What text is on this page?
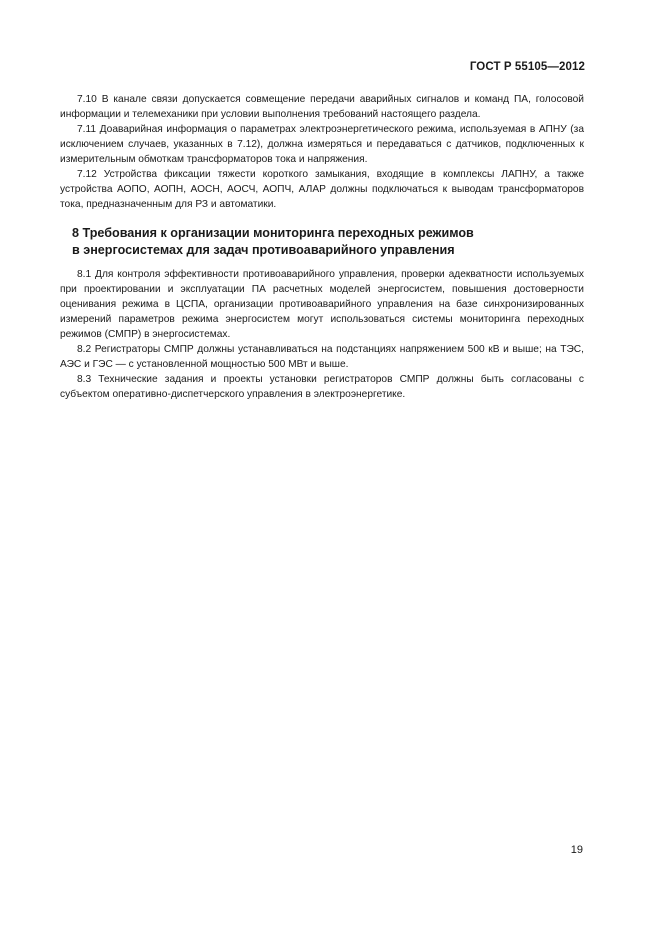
ГОСТ Р 55105—2012

7.10 В канале связи допускается совмещение передачи аварийных сигналов и команд ПА, голосовой информации и телемеханики при условии выполнения требований настоящего раздела.

7.11 Доаварийная информация о параметрах электроэнергетического режима, используемая в АПНУ (за исключением случаев, указанных в 7.12), должна измеряться и передаваться с датчиков, подключенных к измерительным обмоткам трансформаторов тока и напряжения.

7.12 Устройства фиксации тяжести короткого замыкания, входящие в комплексы ЛАПНУ, а также устройства АОПО, АОПН, АОСН, АОСЧ, АОПЧ, АЛАР должны подключаться к выводам трансформаторов тока, предназначенным для РЗ и автоматики.

8 Требования к организации мониторинга переходных режимов
в энергосистемах для задач противоаварийного управления

8.1 Для контроля эффективности противоаварийного управления, проверки адекватности используемых при проектировании и эксплуатации ПА расчетных моделей энергосистем, повышения достоверности оценивания режима в ЦСПА, организации противоаварийного управления на базе синхронизированных измерений параметров режима энергосистем могут использоваться системы мониторинга переходных режимов (СМПР) в энергосистемах.

8.2 Регистраторы СМПР должны устанавливаться на подстанциях напряжением 500 кВ и выше; на ТЭС, АЭС и ГЭС — с установленной мощностью 500 МВт и выше.

8.3 Технические задания и проекты установки регистраторов СМПР должны быть согласованы с субъектом оперативно-диспетчерского управления в электроэнергетике.

19
